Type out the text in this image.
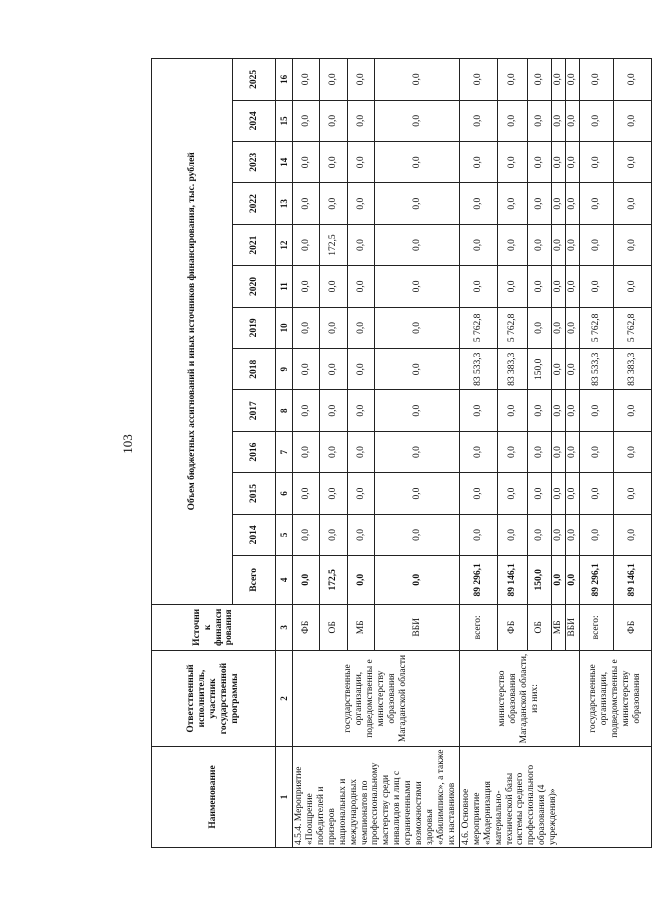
103
Наименование	Ответственный исполнитель, участник государственной программы	Источник финансирования	Объем бюджетных ассигнований и иных источников финансирования, тыс. рублей												
			Всего	2014	2015	2016	2017	2018	2019	2020	2021	2022	2023	2024	2025
1	2	3	4	5	6	7	8	9	10	11	12	13	14	15	16
4.5.4. Мероприятие «Поощрение победителей и призеров национальных и международных чемпионатов по профессиональному мастерству среди инвалидов и лиц с ограниченными возможностями здоровья «Абилимпикс», а также их наставников	государственные организации, подведомственны е министерству образования Магаданской области	ФБ	0,0	0,0	0,0	0,0	0,0	0,0	0,0	0,0	0,0	0,0	0,0	0,0	0,0
		ОБ	172,5	0,0	0,0	0,0	0,0	0,0	0,0	0,0	172,5	0,0	0,0	0,0	0,0
		МБ	0,0	0,0	0,0	0,0	0,0	0,0	0,0	0,0	0,0	0,0	0,0	0,0	0,0
		ВБИ	0,0	0,0	0,0	0,0	0,0	0,0	0,0	0,0	0,0	0,0	0,0	0,0	0,0
4.6. Основное мероприятие «Модернизация материально-технической базы системы среднего профессионального образования (4 учреждения)»	министерство образования Магаданской области, из них:	всего:	89 296,1	0,0	0,0	0,0	0,0	83 533,3	5 762,8	0,0	0,0	0,0	0,0	0,0	0,0
		ФБ	89 146,1	0,0	0,0	0,0	0,0	83 383,3	5 762,8	0,0	0,0	0,0	0,0	0,0	0,0
		ОБ	150,0	0,0	0,0	0,0	0,0	150,0	0,0	0,0	0,0	0,0	0,0	0,0	0,0
		МБ	0,0	0,0	0,0	0,0	0,0	0,0	0,0	0,0	0,0	0,0	0,0	0,0	0,0
		ВБИ	0,0	0,0	0,0	0,0	0,0	0,0	0,0	0,0	0,0	0,0	0,0	0,0	0,0
	государственные организации, подведомственны е министерству образования	всего:	89 296,1	0,0	0,0	0,0	0,0	83 533,3	5 762,8	0,0	0,0	0,0	0,0	0,0	0,0
		ФБ	89 146,1	0,0	0,0	0,0	0,0	83 383,3	5 762,8	0,0	0,0	0,0	0,0	0,0	0,0
